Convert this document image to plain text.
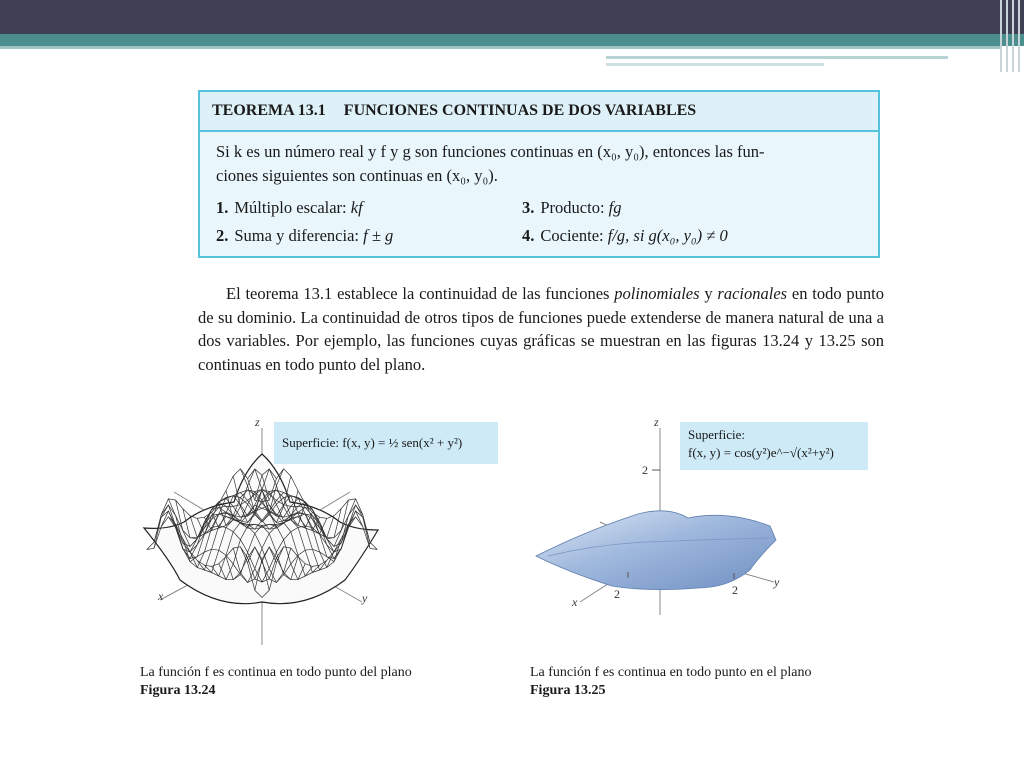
TEOREMA 13.1 FUNCIONES CONTINUAS DE DOS VARIABLES
Si k es un número real y f y g son funciones continuas en (x₀, y₀), entonces las fun-
ciones siguientes son continuas en (x₀, y₀).
1. Múltiplo escalar: kf	3. Producto: fg
2. Suma y diferencia: f ± g	4. Cociente: f/g, si g(x₀, y₀) ≠ 0
El teorema 13.1 establece la continuidad de las funciones polinomiales y racionales en todo punto de su dominio. La continuidad de otros tipos de funciones puede extenderse de manera natural de una a dos variables. Por ejemplo, las funciones cuyas gráficas se muestran en las figuras 13.24 y 13.25 son continuas en todo punto del plano.
z
x	y
Superficie: f(x, y) = ½ sen(x² + y²)
z
2
x
2
y
2
Superficie:
f(x, y) = cos(y²)e^−√(x²+y²)
La función f es continua en todo punto del plano
Figura 13.24
La función f es continua en todo punto en el plano
Figura 13.25
